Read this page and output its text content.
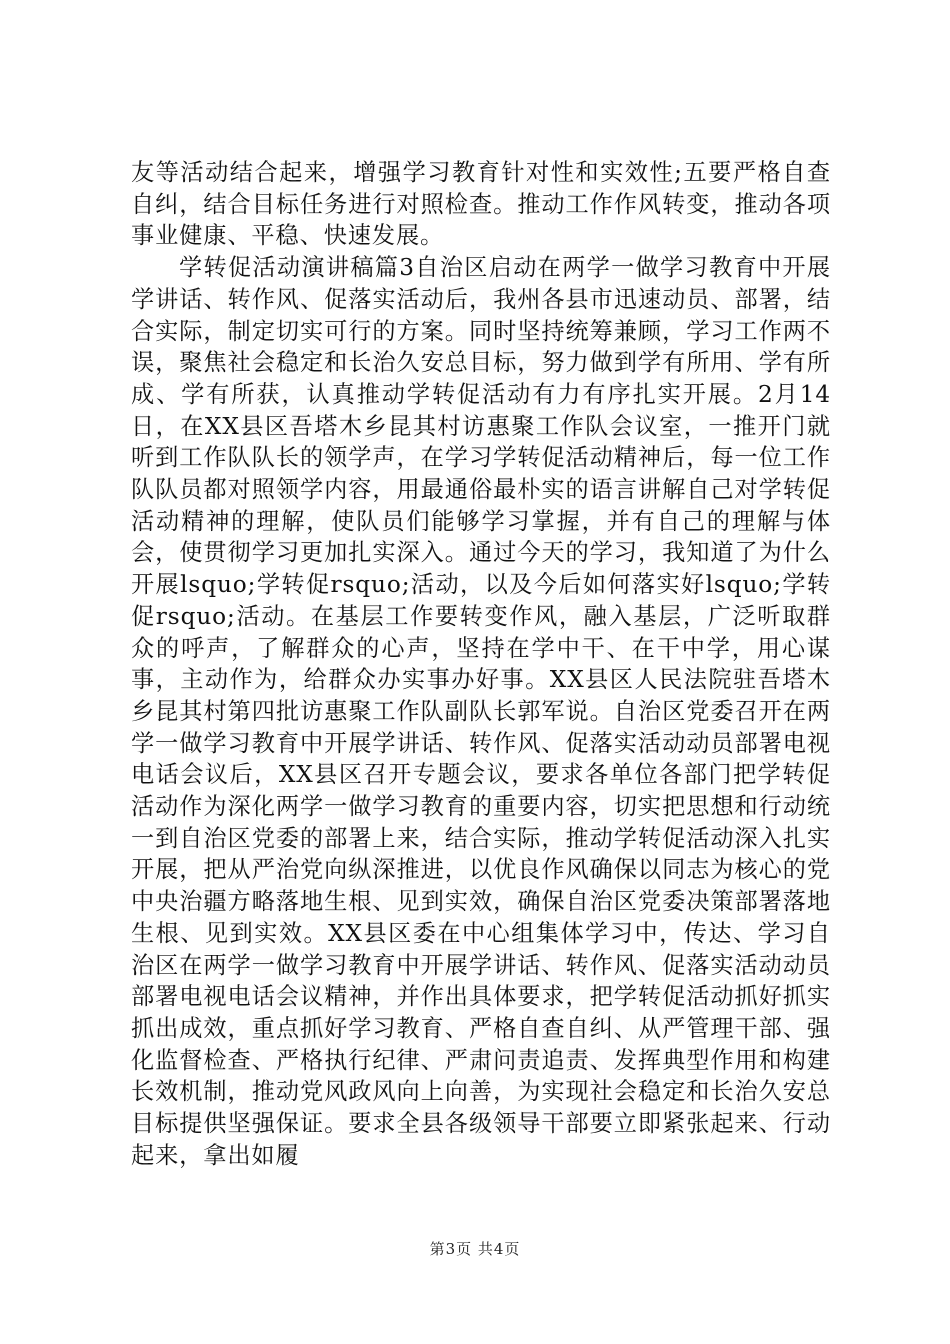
友等活动结合起来，增强学习教育针对性和实效性;五要严格自查自纠，结合目标任务进行对照检查。推动工作作风转变，推动各项事业健康、平稳、快速发展。

学转促活动演讲稿篇3自治区启动在两学一做学习教育中开展学讲话、转作风、促落实活动后，我州各县市迅速动员、部署，结合实际，制定切实可行的方案。同时坚持统筹兼顾，学习工作两不误，聚焦社会稳定和长治久安总目标，努力做到学有所用、学有所成、学有所获，认真推动学转促活动有力有序扎实开展。2月14日，在XX县区吾塔木乡昆其村访惠聚工作队会议室，一推开门就听到工作队队长的领学声，在学习学转促活动精神后，每一位工作队队员都对照领学内容，用最通俗最朴实的语言讲解自己对学转促活动精神的理解，使队员们能够学习掌握，并有自己的理解与体会，使贯彻学习更加扎实深入。通过今天的学习，我知道了为什么开展lsquo;学转促rsquo;活动，以及今后如何落实好lsquo;学转促rsquo;活动。在基层工作要转变作风，融入基层，广泛听取群众的呼声，了解群众的心声，坚持在学中干、在干中学，用心谋事，主动作为，给群众办实事办好事。XX县区人民法院驻吾塔木乡昆其村第四批访惠聚工作队副队长郭军说。自治区党委召开在两学一做学习教育中开展学讲话、转作风、促落实活动动员部署电视电话会议后，XX县区召开专题会议，要求各单位各部门把学转促活动作为深化两学一做学习教育的重要内容，切实把思想和行动统一到自治区党委的部署上来，结合实际，推动学转促活动深入扎实开展，把从严治党向纵深推进，以优良作风确保以同志为核心的党中央治疆方略落地生根、见到实效，确保自治区党委决策部署落地生根、见到实效。XX县区委在中心组集体学习中，传达、学习自治区在两学一做学习教育中开展学讲话、转作风、促落实活动动员部署电视电话会议精神，并作出具体要求，把学转促活动抓好抓实抓出成效，重点抓好学习教育、严格自查自纠、从严管理干部、强化监督检查、严格执行纪律、严肃问责追责、发挥典型作用和构建长效机制，推动党风政风向上向善，为实现社会稳定和长治久安总目标提供坚强保证。要求全县各级领导干部要立即紧张起来、行动起来，拿出如履

第3页 共4页
